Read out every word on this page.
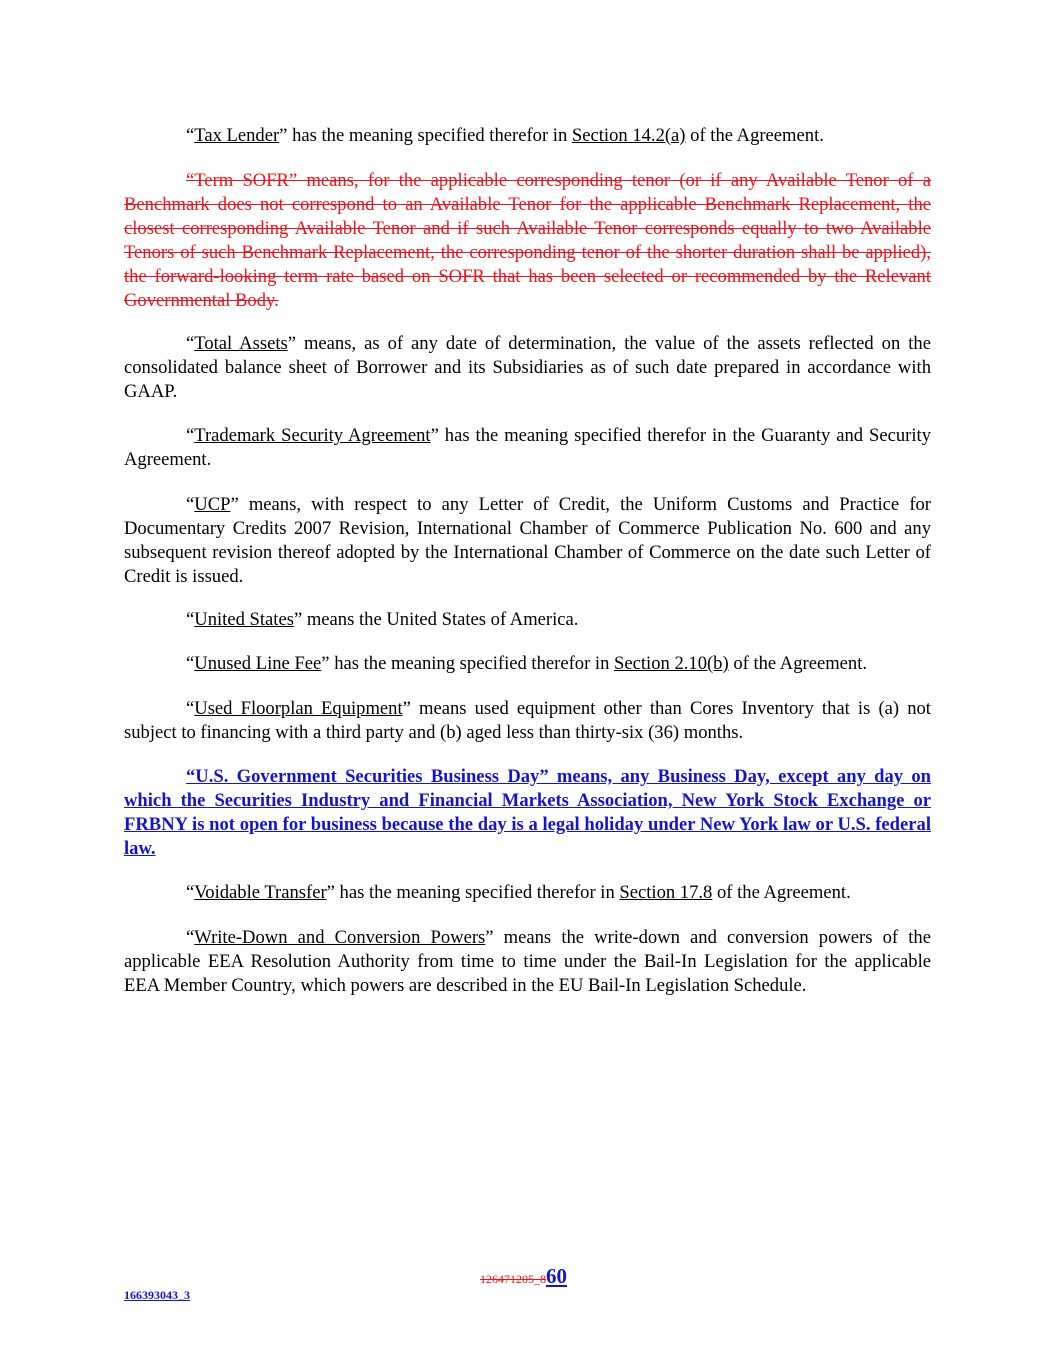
“Tax Lender” has the meaning specified therefor in Section 14.2(a) of the Agreement.

“Term SOFR” means, for the applicable corresponding tenor (or if any Available Tenor of a Benchmark does not correspond to an Available Tenor for the applicable Benchmark Replacement, the closest corresponding Available Tenor and if such Available Tenor corresponds equally to two Available Tenors of such Benchmark Replacement, the corresponding tenor of the shorter duration shall be applied), the forward-looking term rate based on SOFR that has been selected or recommended by the Relevant Governmental Body.

“Total Assets” means, as of any date of determination, the value of the assets reflected on the consolidated balance sheet of Borrower and its Subsidiaries as of such date prepared in accordance with GAAP.

“Trademark Security Agreement” has the meaning specified therefor in the Guaranty and Security Agreement.

“UCP” means, with respect to any Letter of Credit, the Uniform Customs and Practice for Documentary Credits 2007 Revision, International Chamber of Commerce Publication No. 600 and any subsequent revision thereof adopted by the International Chamber of Commerce on the date such Letter of Credit is issued.

“United States” means the United States of America.

“Unused Line Fee” has the meaning specified therefor in Section 2.10(b) of the Agreement.

“Used Floorplan Equipment” means used equipment other than Cores Inventory that is (a) not subject to financing with a third party and (b) aged less than thirty-six (36) months.

“U.S. Government Securities Business Day” means, any Business Day, except any day on which the Securities Industry and Financial Markets Association, New York Stock Exchange or FRBNY is not open for business because the day is a legal holiday under New York law or U.S. federal law.

“Voidable Transfer” has the meaning specified therefor in Section 17.8 of the Agreement.

“Write-Down and Conversion Powers” means the write-down and conversion powers of the applicable EEA Resolution Authority from time to time under the Bail-In Legislation for the applicable EEA Member Country, which powers are described in the EU Bail-In Legislation Schedule.

126471205_860
166393043_3
